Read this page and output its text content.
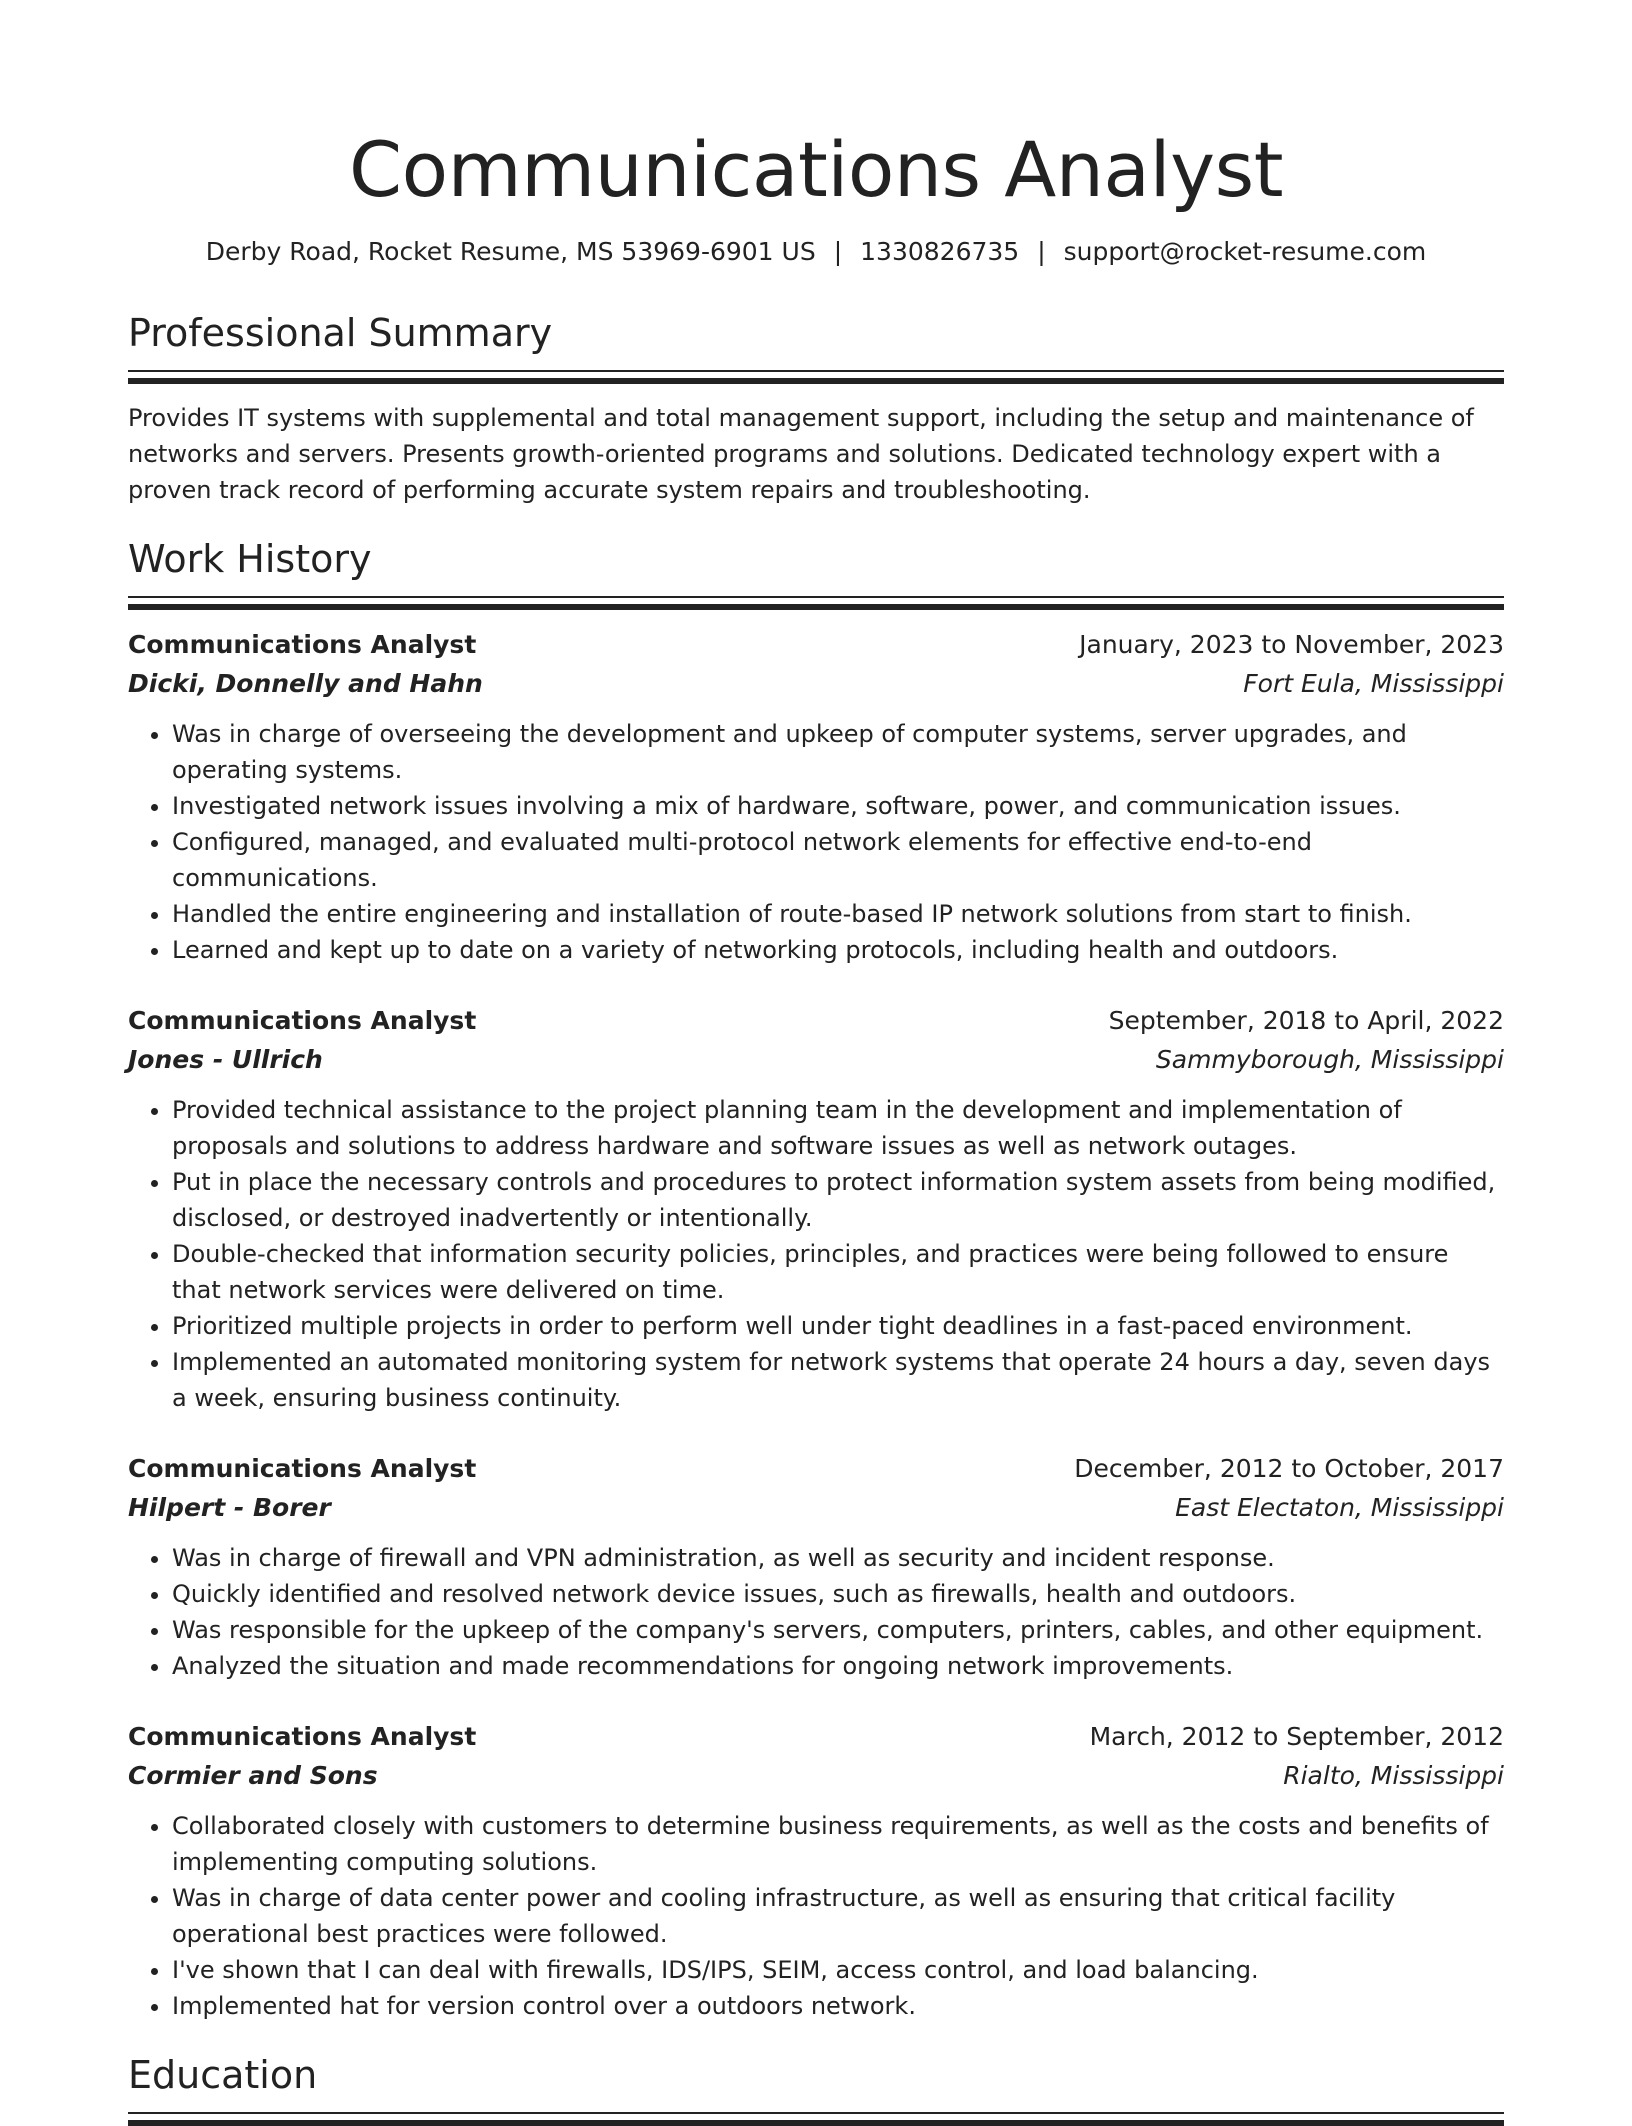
Communications Analyst
Derby Road, Rocket Resume, MS 53969-6901 US | 1330826735 | support@rocket-resume.com
Professional Summary

Provides IT systems with supplemental and total management support, including the setup and maintenance of networks and servers. Presents growth-oriented programs and solutions. Dedicated technology expert with a proven track record of performing accurate system repairs and troubleshooting.

Work History
Communications Analyst	January, 2023 to November, 2023
Dicki, Donnelly and Hahn	Fort Eula, Mississippi
• Was in charge of overseeing the development and upkeep of computer systems, server upgrades, and operating systems.
• Investigated network issues involving a mix of hardware, software, power, and communication issues.
• Configured, managed, and evaluated multi-protocol network elements for effective end-to-end communications.
• Handled the entire engineering and installation of route-based IP network solutions from start to finish.
• Learned and kept up to date on a variety of networking protocols, including health and outdoors.
Communications Analyst	September, 2018 to April, 2022
Jones - Ullrich	Sammyborough, Mississippi
• Provided technical assistance to the project planning team in the development and implementation of proposals and solutions to address hardware and software issues as well as network outages.
• Put in place the necessary controls and procedures to protect information system assets from being modified, disclosed, or destroyed inadvertently or intentionally.
• Double-checked that information security policies, principles, and practices were being followed to ensure that network services were delivered on time.
• Prioritized multiple projects in order to perform well under tight deadlines in a fast-paced environment.
• Implemented an automated monitoring system for network systems that operate 24 hours a day, seven days a week, ensuring business continuity.
Communications Analyst	December, 2012 to October, 2017
Hilpert - Borer	East Electaton, Mississippi
• Was in charge of firewall and VPN administration, as well as security and incident response.
• Quickly identified and resolved network device issues, such as firewalls, health and outdoors.
• Was responsible for the upkeep of the company's servers, computers, printers, cables, and other equipment.
• Analyzed the situation and made recommendations for ongoing network improvements.
Communications Analyst	March, 2012 to September, 2012
Cormier and Sons	Rialto, Mississippi
• Collaborated closely with customers to determine business requirements, as well as the costs and benefits of implementing computing solutions.
• Was in charge of data center power and cooling infrastructure, as well as ensuring that critical facility operational best practices were followed.
• I've shown that I can deal with firewalls, IDS/IPS, SEIM, access control, and load balancing.
• Implemented hat for version control over a outdoors network.
Education
